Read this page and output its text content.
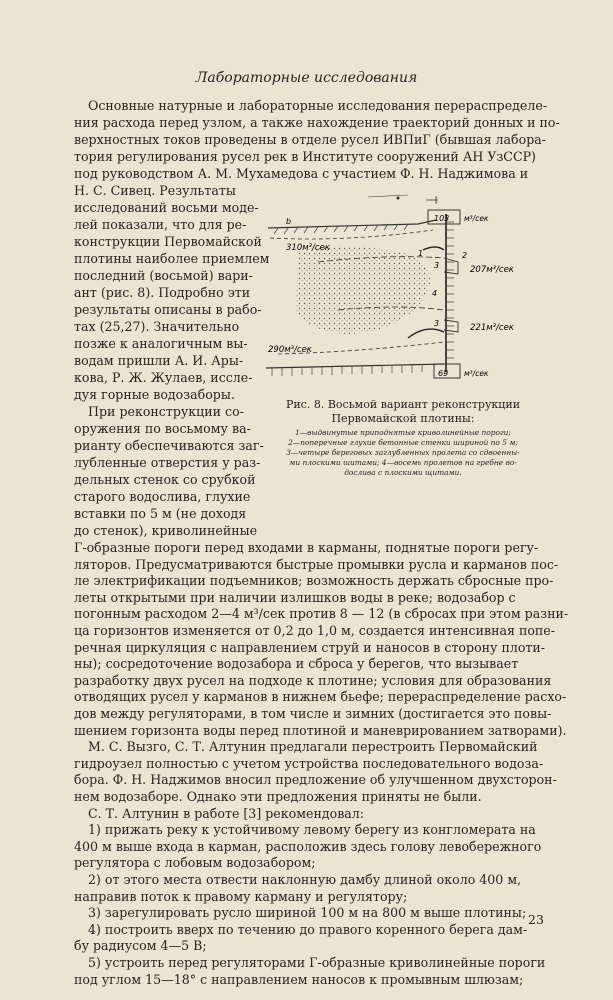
Лабораторные исследования
Основные натурные и лабораторные исследования перераспределе-
ния расхода перед узлом, а также нахождение траекторий донных и по-
верхностных токов проведены в отделе русел ИВПиГ (бывшая лабора-
тория регулирования русел рек в Институте сооружений АН УзССР)
под руководством А. М. Мухамедова с участием Ф. Н. Наджимова и
Н. С. Сивец. Результаты
исследований восьми моде-
лей показали, что для ре-
конструкции Первомайской
плотины наиболее приемлем
последний (восьмой) вари-
ант (рис. 8). Подробно эти
результаты описаны в рабо-
тах (25,27). Значительно
позже к аналогичным вы-
водам пришли А. И. Ары-
кова, Р. Ж. Жулаев, иссле-
дуя горные водозаборы.
При реконструкции со-
оружения по восьмому ва-
рианту обеспечиваются заг-
лубленные отверстия у раз-
дельных стенок со срубкой
старого водослива, глухие
вставки по 5 м (не доходя
до стенок), криволинейные
103 м³/сек
310м³/сек
290м³/сек
207м³/сек
221м³/сек
69 м³/сек
1	2
3
3
4
b
Рис. 8. Восьмой вариант реконструкции Первомайской плотины:
1—выдвинутые приподнятые криволинейные пороги;
2—поперечные глухие бетонные стенки шириной по 5 м;
3—четыре береговых заглубленных пролета со сдвоенны-
ми плоскими шитами; 4—восемь пролетов на гребне во-
дослива с плоскими щитами.
Г-образные пороги перед входами в карманы, поднятые пороги регу-
ляторов. Предусматриваются быстрые промывки русла и карманов пос-
ле электрификации подъемников; возможность держать сбросные про-
леты открытыми при наличии излишков воды в реке; водозабор с
погонным расходом 2—4 м³/сек против 8 — 12 (в сбросах при этом разни-
ца горизонтов изменяется от 0,2 до 1,0 м, создается интенсивная попе-
речная циркуляция с направлением струй и наносов в сторону плоти-
ны); сосредоточение водозабора и сброса у берегов, что вызывает
разработку двух русел на подходе к плотине; условия для образования
отводящих русел у карманов в нижнем бьефе; перераспределение расхо-
дов между регуляторами, в том числе и зимних (достигается это повы-
шением горизонта воды перед плотиной и маневрированием затворами).
М. С. Вызго, С. Т. Алтунин предлагали перестроить Первомайский
гидроузел полностью с учетом устройства последовательного водоза-
бора. Ф. Н. Наджимов вносил предложение об улучшенном двухсторон-
нем водозаборе. Однако эти предложения приняты не были.
С. Т. Алтунин в работе [3] рекомендовал:
1) прижать реку к устойчивому левому берегу из конгломерата на
400 м выше входа в карман, расположив здесь голову левобережного
регулятора с лобовым водозабором;
2) от этого места отвести наклонную дамбу длиной около 400 м,
направив поток к правому карману и регулятору;
3) зарегулировать русло шириной 100 м на 800 м выше плотины;
4) построить вверх по течению до правого коренного берега дам-
бу радиусом 4—5 В;
5) устроить перед регуляторами Г-образные криволинейные пороги
под углом 15—18° с направлением наносов к промывным шлюзам;
23
